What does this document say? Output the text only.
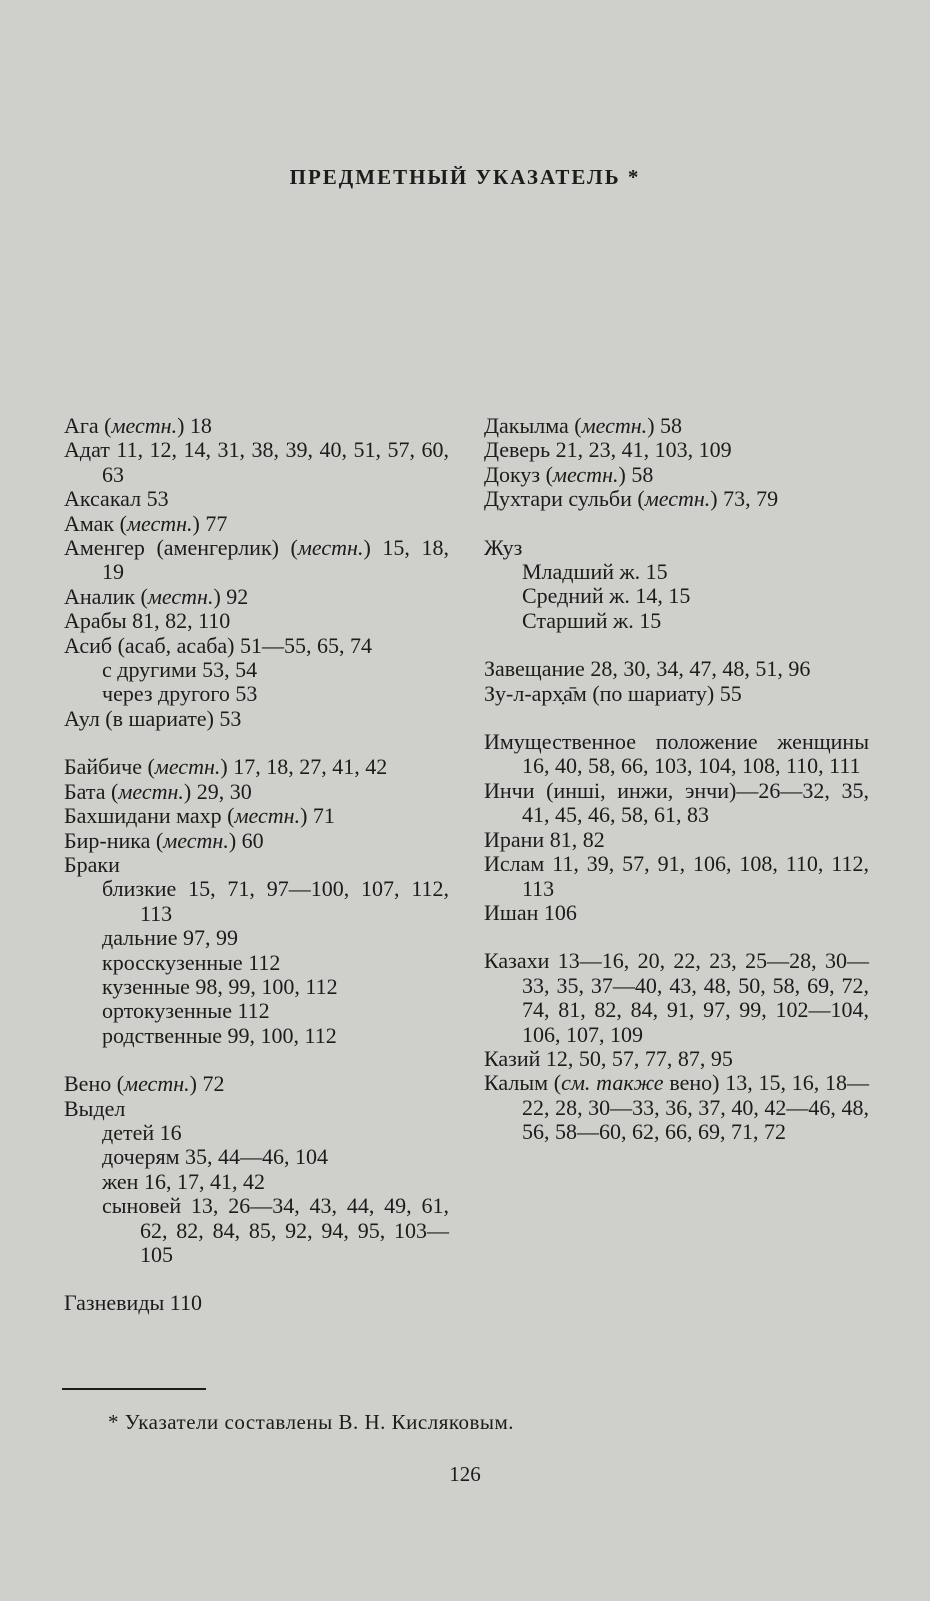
ПРЕДМЕТНЫЙ УКАЗАТЕЛЬ *

Ага (местн.) 18

Адат 11, 12, 14, 31, 38, 39, 40, 51, 57, 60, 63

Аксакал 53

Амак (местн.) 77

Аменгер (аменгерлик) (местн.) 15, 18, 19

Аналик (местн.) 92

Арабы 81, 82, 110

Асиб (асаб, асаба) 51—55, 65, 74

с другими 53, 54

через другого 53

Аул (в шариате) 53

Байбиче (местн.) 17, 18, 27, 41, 42

Бата (местн.) 29, 30

Бахшидани махр (местн.) 71

Бир-ника (местн.) 60

Браки

близкие 15, 71, 97—100, 107, 112, 113

дальние 97, 99

кросскузенные 112

кузенные 98, 99, 100, 112

ортокузенные 112

родственные 99, 100, 112

Вено (местн.) 72

Выдел

детей 16

дочерям 35, 44—46, 104

жен 16, 17, 41, 42

сыновей 13, 26—34, 43, 44, 49, 61, 62, 82, 84, 85, 92, 94, 95, 103—105

Газневиды 110

Дакылма (местн.) 58

Деверь 21, 23, 41, 103, 109

Докуз (местн.) 58

Духтари сульби (местн.) 73, 79

Жуз

Младший ж. 15

Средний ж. 14, 15

Старший ж. 15

Завещание 28, 30, 34, 47, 48, 51, 96

Зу-л-арх̣а̄м (по шариату) 55

Имущественное положение женщины 16, 40, 58, 66, 103, 104, 108, 110, 111

Инчи (иншi, инжи, энчи)—26—32, 35, 41, 45, 46, 58, 61, 83

Ирани 81, 82

Ислам 11, 39, 57, 91, 106, 108, 110, 112, 113

Ишан 106

Казахи 13—16, 20, 22, 23, 25—28, 30—33, 35, 37—40, 43, 48, 50, 58, 69, 72, 74, 81, 82, 84, 91, 97, 99, 102—104, 106, 107, 109

Казий 12, 50, 57, 77, 87, 95

Калым (см. также вено) 13, 15, 16, 18—22, 28, 30—33, 36, 37, 40, 42—46, 48, 56, 58—60, 62, 66, 69, 71, 72

* Указатели составлены В. Н. Кисляковым.
126
